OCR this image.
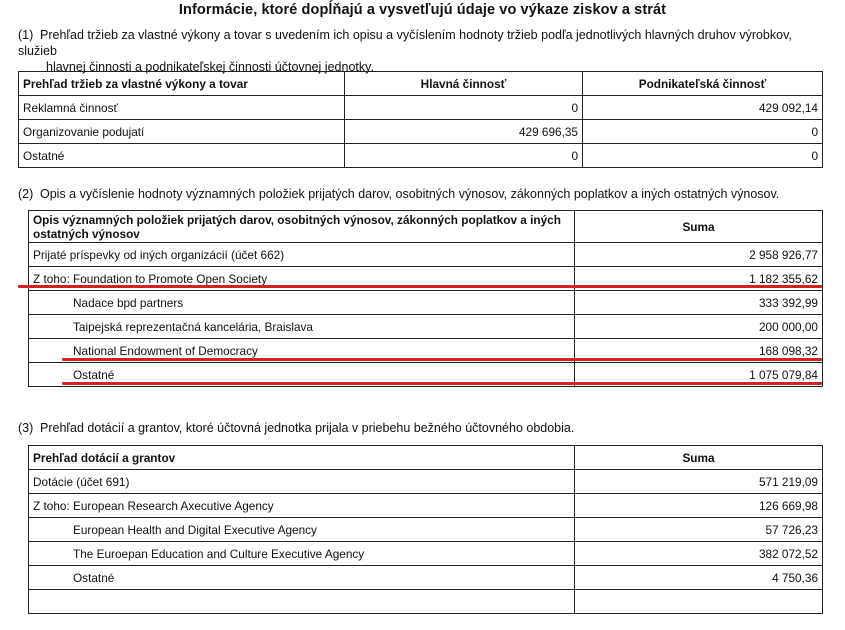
Informácie, ktoré dopĺňajú a vysvetľujú údaje vo výkaze ziskov a strát
(1) Prehľad tržieb za vlastné výkony a tovar s uvedením ich opisu a vyčíslením hodnoty tržieb podľa jednotlivých hlavných druhov výrobkov, služieb
hlavnej činnosti a podnikateľskej činnosti účtovnej jednotky.
Prehľad tržieb za vlastné výkony a tovar	Hlavná činnosť	Podnikateľská činnosť
Reklamná činnosť	0	429 092,14
Organizovanie podujatí	429 696,35	0
Ostatné	0	0
(2) Opis a vyčíslenie hodnoty významných položiek prijatých darov, osobitných výnosov, zákonných poplatkov a iných ostatných výnosov.
Opis významných položiek prijatých darov, osobitných výnosov, zákonných poplatkov a iných ostatných výnosov	Suma
Prijaté príspevky od iných organizácií (účet 662)	2 958 926,77
Z toho: Foundation to Promote Open Society	1 182 355,62
Nadace bpd partners	333 392,99
Taipejská reprezentačná kancelária, Braislava	200 000,00
National Endowment of Democracy	168 098,32
Ostatné	1 075 079,84
(3) Prehľad dotácií a grantov, ktoré účtovná jednotka prijala v priebehu bežného účtovného obdobia.
Prehľad dotácií a grantov	Suma
Dotácie (účet 691)	571 219,09
Z toho: European Research Axecutive Agency	126 669,98
European Health and Digital Executive Agency	57 726,23
The Euroepan Education and Culture Executive Agency	382 072,52
Ostatné	4 750,36
